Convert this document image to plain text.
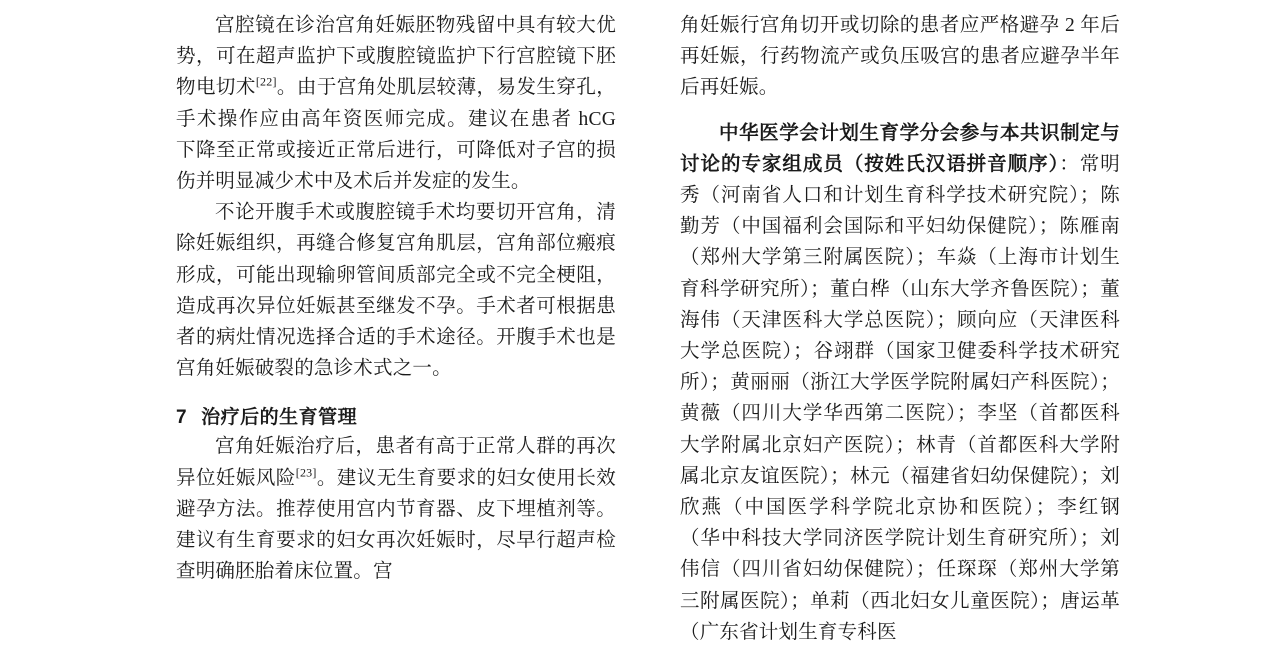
宫腔镜在诊治宫角妊娠胚物残留中具有较大优势，可在超声监护下或腹腔镜监护下行宫腔镜下胚物电切术[22]。由于宫角处肌层较薄，易发生穿孔，手术操作应由高年资医师完成。建议在患者 hCG 下降至正常或接近正常后进行，可降低对子宫的损伤并明显减少术中及术后并发症的发生。

不论开腹手术或腹腔镜手术均要切开宫角，清除妊娠组织，再缝合修复宫角肌层，宫角部位瘢痕形成，可能出现输卵管间质部完全或不完全梗阻，造成再次异位妊娠甚至继发不孕。手术者可根据患者的病灶情况选择合适的手术途径。开腹手术也是宫角妊娠破裂的急诊术式之一。

7 治疗后的生育管理

宫角妊娠治疗后，患者有高于正常人群的再次异位妊娠风险[23]。建议无生育要求的妇女使用长效避孕方法。推荐使用宫内节育器、皮下埋植剂等。建议有生育要求的妇女再次妊娠时，尽早行超声检查明确胚胎着床位置。宫

角妊娠行宫角切开或切除的患者应严格避孕 2 年后再妊娠，行药物流产或负压吸宫的患者应避孕半年后再妊娠。

中华医学会计划生育学分会参与本共识制定与讨论的专家组成员（按姓氏汉语拼音顺序）：常明秀（河南省人口和计划生育科学技术研究院）；陈勤芳（中国福利会国际和平妇幼保健院）；陈雁南（郑州大学第三附属医院）；车焱（上海市计划生育科学研究所）；董白桦（山东大学齐鲁医院）；董海伟（天津医科大学总医院）；顾向应（天津医科大学总医院）；谷翊群（国家卫健委科学技术研究所）；黄丽丽（浙江大学医学院附属妇产科医院）；黄薇（四川大学华西第二医院）；李坚（首都医科大学附属北京妇产医院）；林青（首都医科大学附属北京友谊医院）；林元（福建省妇幼保健院）；刘欣燕（中国医学科学院北京协和医院）；李红钢（华中科技大学同济医学院计划生育研究所）；刘伟信（四川省妇幼保健院）；任琛琛（郑州大学第三附属医院）；单莉（西北妇女儿童医院）；唐运革（广东省计划生育专科医
